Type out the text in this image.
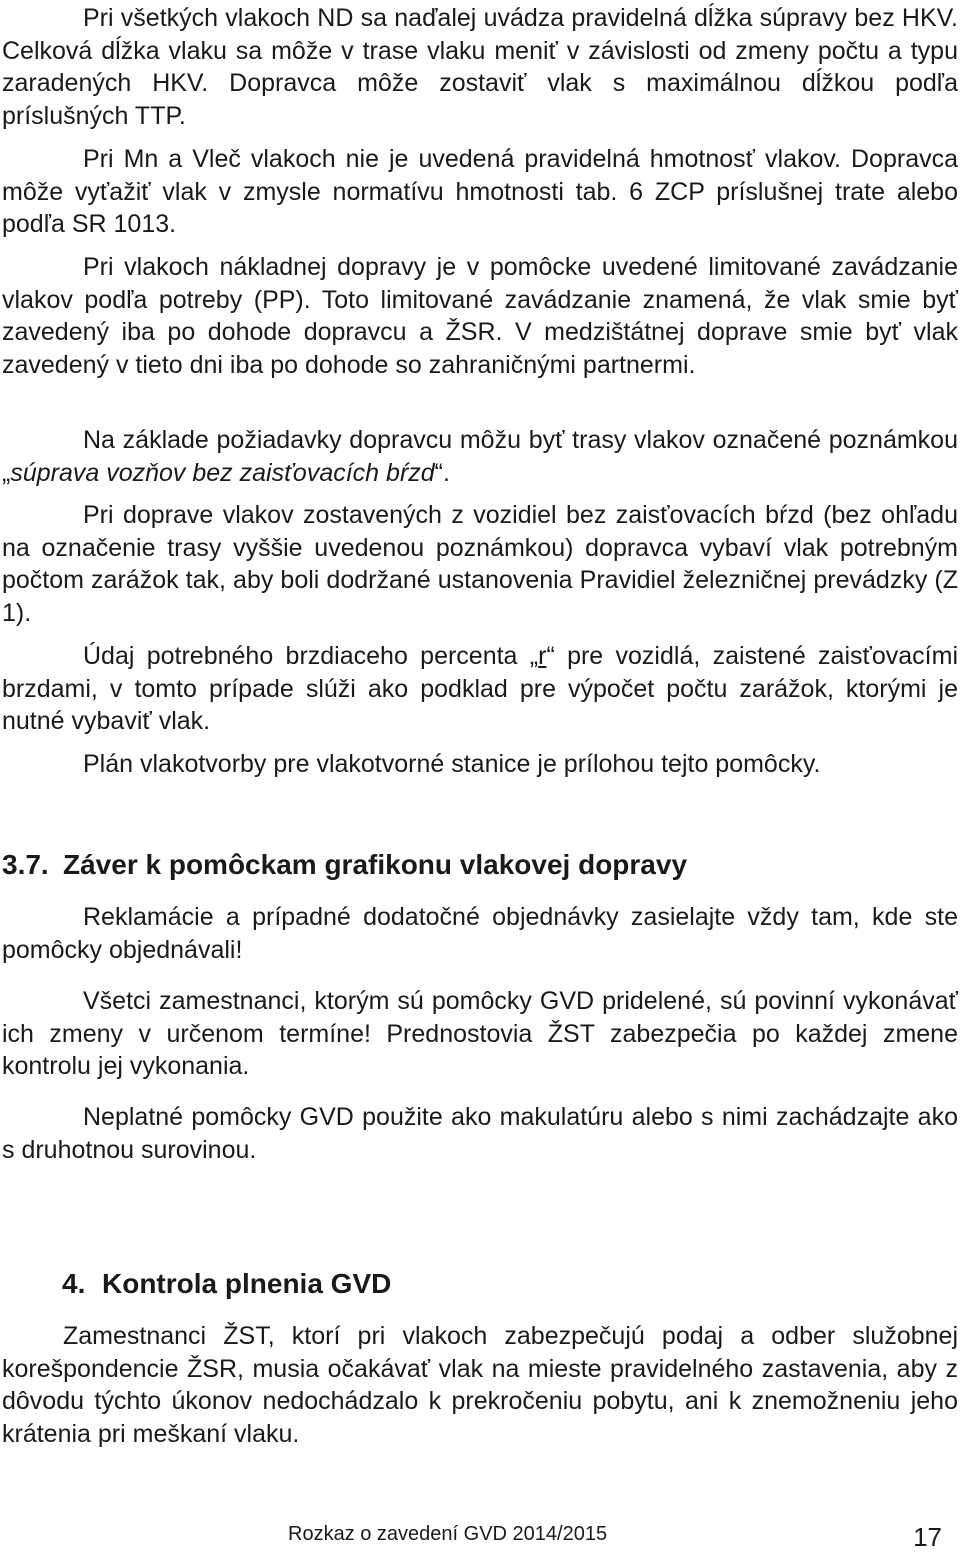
Pri všetkých vlakoch ND sa naďalej uvádza pravidelná dĺžka súpravy bez HKV. Celková dĺžka vlaku sa môže v trase vlaku meniť v závislosti od zmeny počtu a typu zaradených HKV. Dopravca môže zostaviť vlak s maximálnou dĺžkou podľa príslušných TTP.

Pri Mn a Vleč vlakoch nie je uvedená pravidelná hmotnosť vlakov. Dopravca môže vyťažiť vlak v zmysle normatívu hmotnosti tab. 6 ZCP príslušnej trate alebo podľa SR 1013.

Pri vlakoch nákladnej dopravy je v pomôcke uvedené limitované zavádzanie vlakov podľa potreby (PP). Toto limitované zavádzanie znamená, že vlak smie byť zavedený iba po dohode dopravcu a ŽSR. V medzištátnej doprave smie byť vlak zavedený v tieto dni iba po dohode so zahraničnými partnermi.

Na základe požiadavky dopravcu môžu byť trasy vlakov označené poznámkou „súprava vozňov bez zaisťovacích bŕzd“.

Pri doprave vlakov zostavených z vozidiel bez zaisťovacích bŕzd (bez ohľadu na označenie trasy vyššie uvedenou poznámkou) dopravca vybaví vlak potrebným počtom zarážok tak, aby boli dodržané ustanovenia Pravidiel železničnej prevádzky (Z 1).

Údaj potrebného brzdiaceho percenta „r“ pre vozidlá, zaistené zaisťovacími brzdami, v tomto prípade slúži ako podklad pre výpočet počtu zarážok, ktorými je nutné vybaviť vlak.

Plán vlakotvorby pre vlakotvorné stanice je prílohou tejto pomôcky.

3.7. Záver k pomôckam grafikonu vlakovej dopravy

Reklamácie a prípadné dodatočné objednávky zasielajte vždy tam, kde ste pomôcky objednávali!

Všetci zamestnanci, ktorým sú pomôcky GVD pridelené, sú povinní vykonávať ich zmeny v určenom termíne! Prednostovia ŽST zabezpečia po každej zmene kontrolu jej vykonania.

Neplatné pomôcky GVD použite ako makulatúru alebo s nimi zachádzajte ako s druhotnou surovinou.

4. Kontrola plnenia GVD

Zamestnanci ŽST, ktorí pri vlakoch zabezpečujú podaj a odber služobnej korešpondencie ŽSR, musia očakávať vlak na mieste pravidelného zastavenia, aby z dôvodu týchto úkonov nedochádzalo k prekročeniu pobytu, ani k znemožneniu jeho krátenia pri meškaní vlaku.

Rozkaz o zavedení GVD 2014/2015	17
